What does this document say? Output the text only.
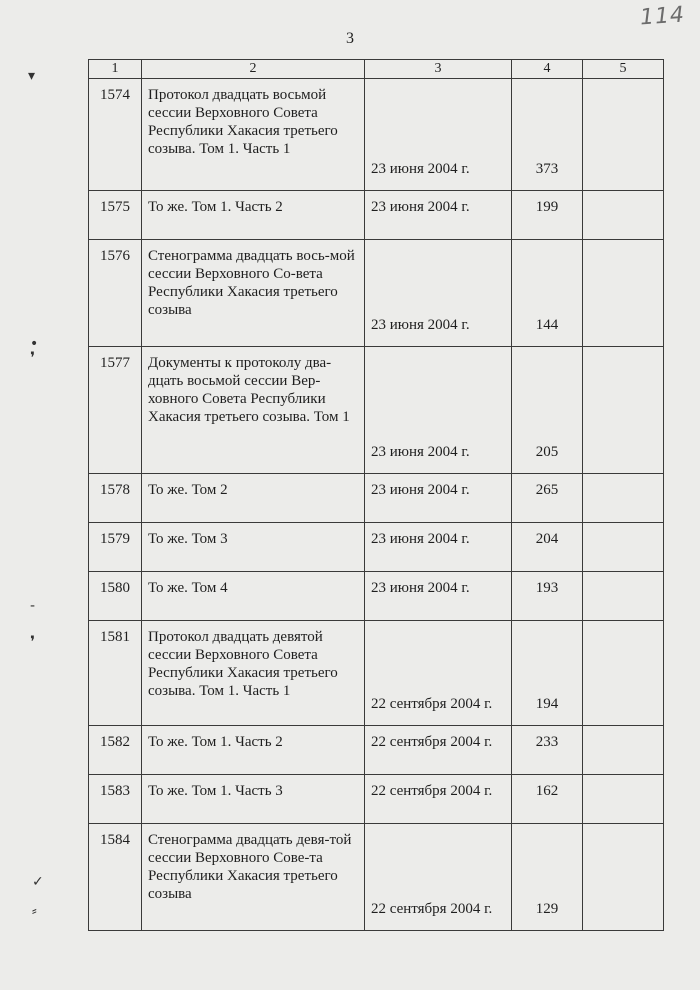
3
114
▾
•
❜
-
❜
✓
⸗
1	2	3	4	5

1574	Протокол двадцать восьмой сессии Верховного Совета Республики Хакасия третьего созыва. Том 1. Часть 1	23 июня 2004 г.	373	

1575	То же. Том 1. Часть 2	23 июня 2004 г.	199	

1576	Стенограмма двадцать вось-мой сессии Верховного Со-вета Республики Хакасия третьего созыва	23 июня 2004 г.	144	

1577	Документы к протоколу два-дцать восьмой сессии Вер-ховного Совета Республики Хакасия третьего созыва. Том 1	23 июня 2004 г.	205	

1578	То же. Том 2	23 июня 2004 г.	265	

1579	То же. Том 3	23 июня 2004 г.	204	

1580	То же. Том 4	23 июня 2004 г.	193	

1581	Протокол двадцать девятой сессии Верховного Совета Республики Хакасия третьего созыва. Том 1. Часть 1	22 сентября 2004 г.	194	

1582	То же. Том 1. Часть 2	22 сентября 2004 г.	233	

1583	То же. Том 1. Часть 3	22 сентября 2004 г.	162	

1584	Стенограмма двадцать девя-той сессии Верховного Сове-та Республики Хакасия третьего созыва	22 сентября 2004 г.	129	
